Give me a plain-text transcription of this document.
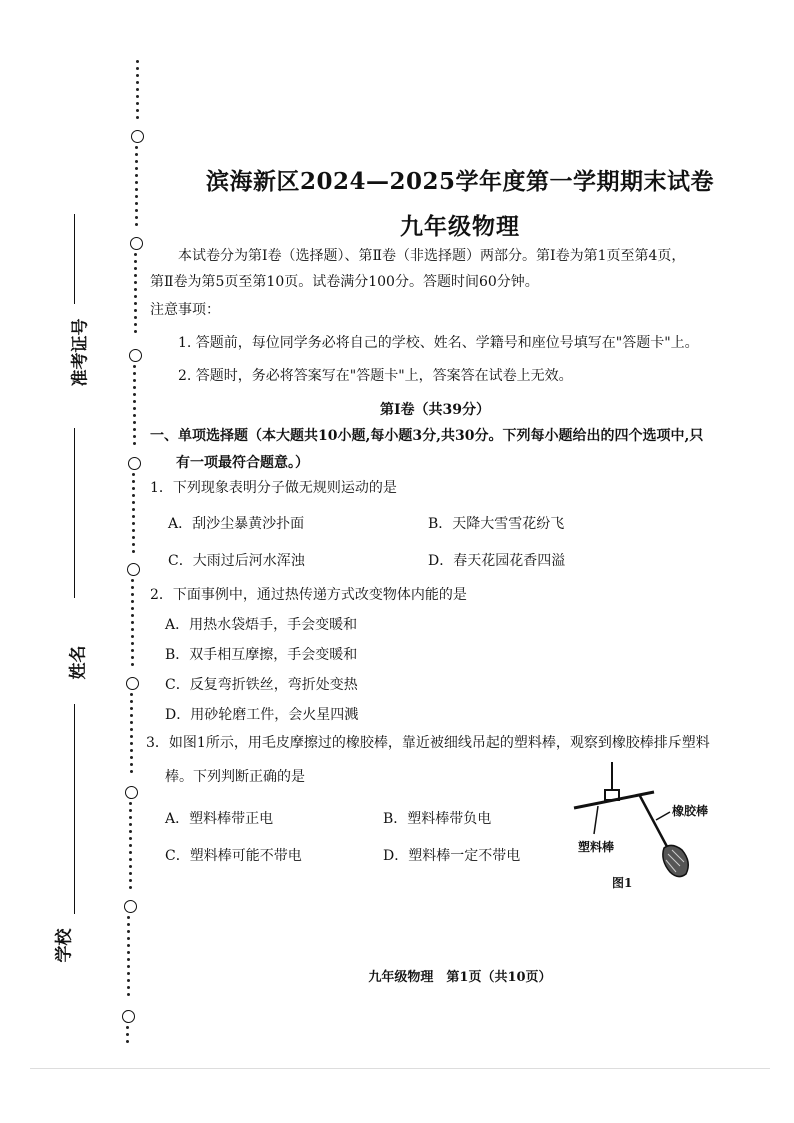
准考证号
姓名
学校
滨海新区2024—2025学年度第一学期期末试卷
九年级物理
本试卷分为第Ⅰ卷（选择题）、第Ⅱ卷（非选择题）两部分。第Ⅰ卷为第1页至第4页，
第Ⅱ卷为第5页至第10页。试卷满分100分。答题时间60分钟。
注意事项：
1. 答题前，每位同学务必将自己的学校、姓名、学籍号和座位号填写在"答题卡"上。
2. 答题时，务必将答案写在"答题卡"上，答案答在试卷上无效。
第Ⅰ卷（共39分）
一、单项选择题（本大题共10小题,每小题3分,共30分。下列每小题给出的四个选项中,只
有一项最符合题意。）
1．下列现象表明分子做无规则运动的是
A．刮沙尘暴黄沙扑面	B．天降大雪雪花纷飞
C．大雨过后河水浑浊	D．春天花园花香四溢
2．下面事例中，通过热传递方式改变物体内能的是
A．用热水袋焐手，手会变暖和
B．双手相互摩擦，手会变暖和
C．反复弯折铁丝，弯折处变热
D．用砂轮磨工件，会火星四溅
3．如图1所示，用毛皮摩擦过的橡胶棒，靠近被细线吊起的塑料棒，观察到橡胶棒排斥塑料
棒。下列判断正确的是
A．塑料棒带正电	B．塑料棒带负电
C．塑料棒可能不带电	D．塑料棒一定不带电
橡胶棒
塑料棒
图1
九年级物理　第1页（共10页）
